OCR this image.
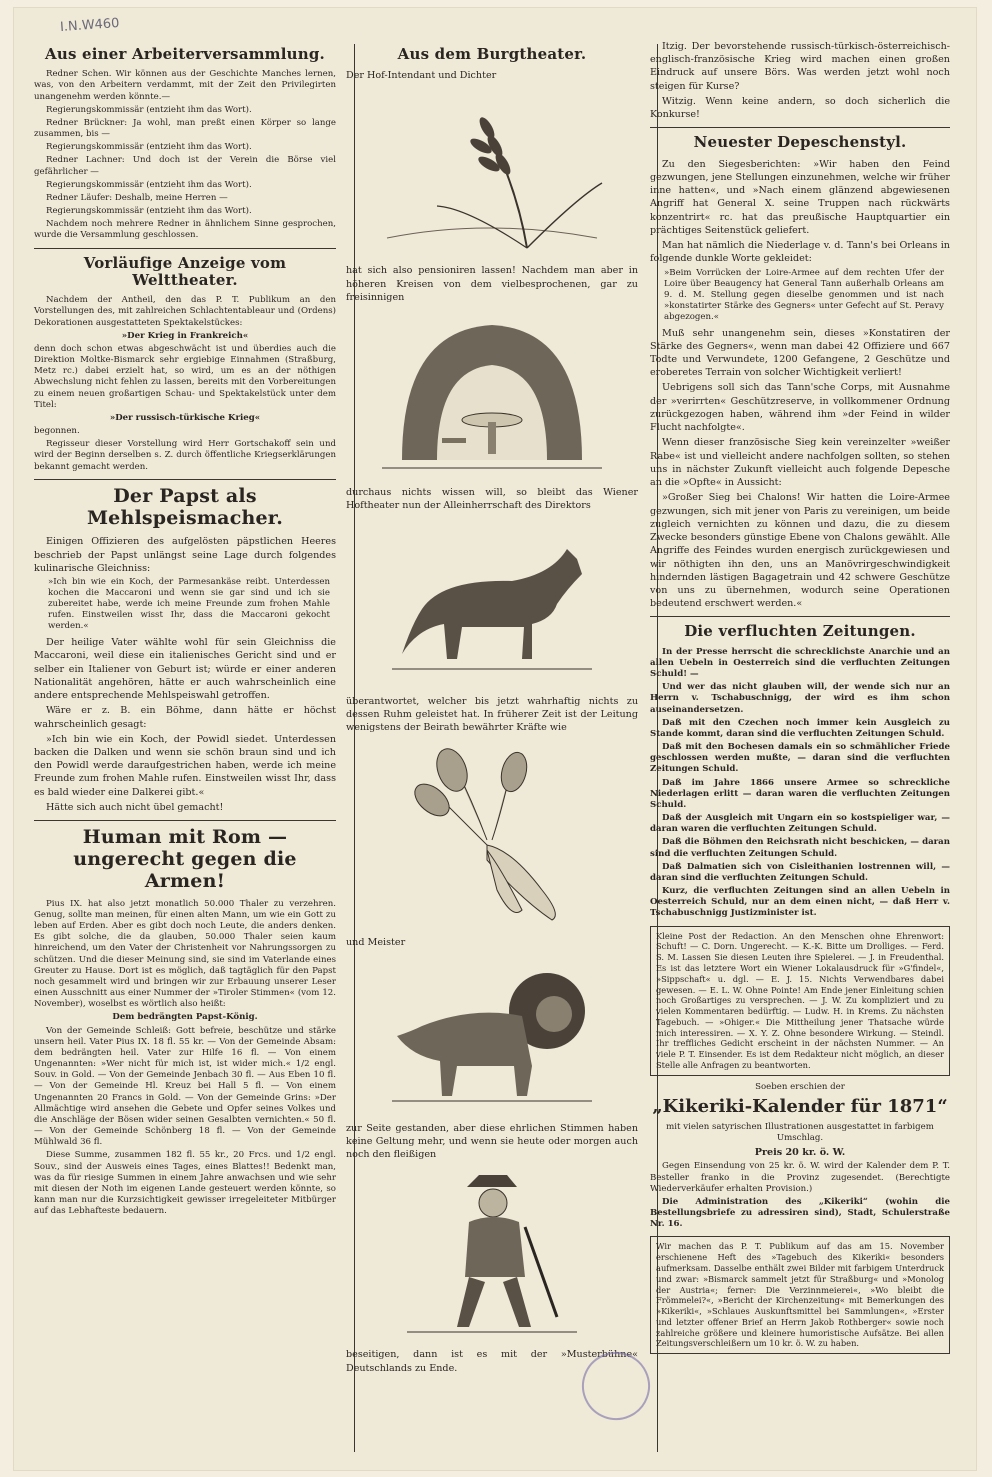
I.N.W460
Aus einer Arbeiterversammlung.

Redner Schen. Wir können aus der Geschichte Manches lernen, was, von den Arbeitern verdammt, mit der Zeit den Privilegirten unangenehm werden könnte.—

Regierungskommissär (entzieht ihm das Wort).

Redner Brückner: Ja wohl, man preßt einen Körper so lange zusammen, bis —

Regierungskommissär (entzieht ihm das Wort).

Redner Lachner: Und doch ist der Verein die Börse viel gefährlicher —

Regierungskommissär (entzieht ihm das Wort).

Redner Läufer: Deshalb, meine Herren —

Regierungskommissär (entzieht ihm das Wort).

Nachdem noch mehrere Redner in ähnlichem Sinne gesprochen, wurde die Versammlung geschlossen.

Vorläufige Anzeige vom Welttheater.

Nachdem der Antheil, den das P. T. Publikum an den Vorstellungen des, mit zahlreichen Schlachtentableaur und (Ordens) Dekorationen ausgestatteten Spektakelstückes:

»Der Krieg in Frankreich«

denn doch schon etwas abgeschwächt ist und überdies auch die Direktion Moltke-Bismarck sehr ergiebige Einnahmen (Straßburg, Metz rc.) dabei erzielt hat, so wird, um es an der nöthigen Abwechslung nicht fehlen zu lassen, bereits mit den Vorbereitungen zu einem neuen großartigen Schau- und Spektakelstück unter dem Titel:

»Der russisch-türkische Krieg«

begonnen.

Regisseur dieser Vorstellung wird Herr Gortschakoff sein und wird der Beginn derselben s. Z. durch öffentliche Kriegserklärungen bekannt gemacht werden.

Der Papst als Mehlspeismacher.

Einigen Offizieren des aufgelösten päpstlichen Heeres beschrieb der Papst unlängst seine Lage durch folgendes kulinarische Gleichniss:

»Ich bin wie ein Koch, der Parmesankäse reibt. Unterdessen kochen die Maccaroni und wenn sie gar sind und ich sie zubereitet habe, werde ich meine Freunde zum frohen Mahle rufen. Einstweilen wisst Ihr, dass die Maccaroni gekocht werden.«

Der heilige Vater wählte wohl für sein Gleichniss die Maccaroni, weil diese ein italienisches Gericht sind und er selber ein Italiener von Geburt ist; würde er einer anderen Nationalität angehören, hätte er auch wahrscheinlich eine andere entsprechende Mehlspeiswahl getroffen.

Wäre er z. B. ein Böhme, dann hätte er höchst wahrscheinlich gesagt:

»Ich bin wie ein Koch, der Powidl siedet. Unterdessen backen die Dalken und wenn sie schön braun sind und ich den Powidl werde daraufgestrichen haben, werde ich meine Freunde zum frohen Mahle rufen. Einstweilen wisst Ihr, dass es bald wieder eine Dalkerei gibt.«

Hätte sich auch nicht übel gemacht!

Human mit Rom — ungerecht gegen die Armen!

Pius IX. hat also jetzt monatlich 50.000 Thaler zu verzehren. Genug, sollte man meinen, für einen alten Mann, um wie ein Gott zu leben auf Erden. Aber es gibt doch noch Leute, die anders denken. Es gibt solche, die da glauben, 50.000 Thaler seien kaum hinreichend, um den Vater der Christenheit vor Nahrungssorgen zu schützen. Und die dieser Meinung sind, sie sind im Vaterlande eines Greuter zu Hause. Dort ist es möglich, daß tagtäglich für den Papst noch gesammelt wird und bringen wir zur Erbauung unserer Leser einen Ausschnitt aus einer Nummer der »Tiroler Stimmen« (vom 12. November), woselbst es wörtlich also heißt:

Dem bedrängten Papst-König.

Von der Gemeinde Schleiß: Gott befreie, beschütze und stärke unsern heil. Vater Pius IX. 18 fl. 55 kr. — Von der Gemeinde Absam: dem bedrängten heil. Vater zur Hilfe 16 fl. — Von einem Ungenannten: »Wer nicht für mich ist, ist wider mich.« 1/2 engl. Souv. in Gold. — Von der Gemeinde Jenbach 30 fl. — Aus Eben 10 fl. — Von der Gemeinde Hl. Kreuz bei Hall 5 fl. — Von einem Ungenannten 20 Francs in Gold. — Von der Gemeinde Grins: »Der Allmächtige wird ansehen die Gebete und Opfer seines Volkes und die Anschläge der Bösen wider seinen Gesalbten vernichten.« 50 fl. — Von der Gemeinde Schönberg 18 fl. — Von der Gemeinde Mühlwald 36 fl.

Diese Summe, zusammen 182 fl. 55 kr., 20 Frcs. und 1/2 engl. Souv., sind der Ausweis eines Tages, eines Blattes!! Bedenkt man, was da für riesige Summen in einem Jahre anwachsen und wie sehr mit diesen der Noth im eigenen Lande gesteuert werden könnte, so kann man nur die Kurzsichtigkeit gewisser irregeleiteter Mitbürger auf das Lebhafteste bedauern.

Aus dem Burgtheater.

Der Hof-Intendant und Dichter

hat sich also pensioniren lassen! Nachdem man aber in höheren Kreisen von dem vielbesprochenen, gar zu freisinnigen

durchaus nichts wissen will, so bleibt das Wiener Hoftheater nun der Alleinherrschaft des Direktors

überantwortet, welcher bis jetzt wahrhaftig nichts zu dessen Ruhm geleistet hat. In früherer Zeit ist der Leitung wenigstens der Beirath bewährter Kräfte wie

und Meister

zur Seite gestanden, aber diese ehrlichen Stimmen haben keine Geltung mehr, und wenn sie heute oder morgen auch noch den fleißigen

beseitigen, dann ist es mit der »Musterbühne« Deutschlands zu Ende.

Itzig. Der bevorstehende russisch-türkisch-österreichisch-englisch-französische Krieg wird machen einen großen Eindruck auf unsere Börs. Was werden jetzt wohl noch steigen für Kurse?

Witzig. Wenn keine andern, so doch sicherlich die Konkurse!

Neuester Depeschenstyl.

Zu den Siegesberichten: »Wir haben den Feind gezwungen, jene Stellungen einzunehmen, welche wir früher inne hatten«, und »Nach einem glänzend abgewiesenen Angriff hat General X. seine Truppen nach rückwärts konzentrirt« rc. hat das preußische Hauptquartier ein prächtiges Seitenstück geliefert.

Man hat nämlich die Niederlage v. d. Tann's bei Orleans in folgende dunkle Worte gekleidet:

»Beim Vorrücken der Loire-Armee auf dem rechten Ufer der Loire über Beaugency hat General Tann außerhalb Orleans am 9. d. M. Stellung gegen dieselbe genommen und ist nach »konstatirter Stärke des Gegners« unter Gefecht auf St. Peravy abgezogen.«

Muß sehr unangenehm sein, dieses »Konstatiren der Stärke des Gegners«, wenn man dabei 42 Offiziere und 667 Todte und Verwundete, 1200 Gefangene, 2 Geschütze und eroberetes Terrain von solcher Wichtigkeit verliert!

Uebrigens soll sich das Tann'sche Corps, mit Ausnahme der »verirrten« Geschützreserve, in vollkommener Ordnung zurückgezogen haben, während ihm »der Feind in wilder Flucht nachfolgte«.

Wenn dieser französische Sieg kein vereinzelter »weißer Rabe« ist und vielleicht andere nachfolgen sollten, so stehen uns in nächster Zukunft vielleicht auch folgende Depesche an die »Opfte« in Aussicht:

»Großer Sieg bei Chalons! Wir hatten die Loire-Armee gezwungen, sich mit jener von Paris zu vereinigen, um beide zugleich vernichten zu können und dazu, die zu diesem Zwecke besonders günstige Ebene von Chalons gewählt. Alle Angriffe des Feindes wurden energisch zurückgewiesen und wir nöthigten ihn den, uns an Manövrirgeschwindigkeit hindernden lästigen Bagagetrain und 42 schwere Geschütze von uns zu übernehmen, wodurch seine Operationen bedeutend erschwert werden.«

Die verfluchten Zeitungen.

In der Presse herrscht die schrecklichste Anarchie und an allen Uebeln in Oesterreich sind die verfluchten Zeitungen Schuld! —

Und wer das nicht glauben will, der wende sich nur an Herrn v. Tschabuschnigg, der wird es ihm schon auseinandersetzen.

Daß mit den Czechen noch immer kein Ausgleich zu Stande kommt, daran sind die verfluchten Zeitungen Schuld.

Daß mit den Bochesen damals ein so schmählicher Friede geschlossen werden mußte, — daran sind die verfluchten Zeitungen Schuld.

Daß im Jahre 1866 unsere Armee so schreckliche Niederlagen erlitt — daran waren die verfluchten Zeitungen Schuld.

Daß der Ausgleich mit Ungarn ein so kostspieliger war, — daran waren die verfluchten Zeitungen Schuld.

Daß die Böhmen den Reichsrath nicht beschicken, — daran sind die verfluchten Zeitungen Schuld.

Daß Dalmatien sich von Cisleithanien lostrennen will, — daran sind die verfluchten Zeitungen Schuld.

Kurz, die verfluchten Zeitungen sind an allen Uebeln in Oesterreich Schuld, nur an dem einen nicht, — daß Herr v. Tschabuschnigg Justizminister ist.

Kleine Post der Redaction. An den Menschen ohne Ehrenwort: Schuft! — C. Dorn. Ungerecht. — K.-K. Bitte um Drolliges. — Ferd. S. M. Lassen Sie diesen Leuten ihre Spielerei. — J. in Freudenthal. Es ist das letztere Wort ein Wiener Lokalausdruck für »G'findel«, »Sippschaft« u. dgl. — E. J. 15. Nichts Verwendbares dabei gewesen. — E. L. W. Ohne Pointe! Am Ende jener Einleitung schien noch Großartiges zu versprechen. — J. W. Zu kompliziert und zu vielen Kommentaren bedürftig. — Ludw. H. in Krems. Zu nächsten Tagebuch. — »Ohiger.« Die Mittheilung jener Thatsache würde mich interessiren. — X. Y. Z. Ohne besondere Wirkung. — Steindl. Ihr treffliches Gedicht erscheint in der nächsten Nummer. — An viele P. T. Einsender. Es ist dem Redakteur nicht möglich, an dieser Stelle alle Anfragen zu beantworten.

Soeben erschien der

„Kikeriki-Kalender für 1871“

mit vielen satyrischen Illustrationen ausgestattet in farbigem Umschlag.

Preis 20 kr. ö. W.

Gegen Einsendung von 25 kr. ö. W. wird der Kalender dem P. T. Besteller franko in die Provinz zugesendet. (Berechtigte Wiederverkäufer erhalten Provision.)

Die Administration des „Kikeriki“ (wohin die Bestellungsbriefe zu adressiren sind), Stadt, Schulerstraße Nr. 16.

Wir machen das P. T. Publikum auf das am 15. November erschienene Heft des »Tagebuch des Kikeriki« besonders aufmerksam. Dasselbe enthält zwei Bilder mit farbigem Unterdruck und zwar: »Bismarck sammelt jetzt für Straßburg« und »Monolog der Austria«; ferner: Die Verzinnmeierei«, »Wo bleibt die Frömmelei?«, »Bericht der Kirchenzeitung« mit Bemerkungen des »Kikeriki«, »Schlaues Auskunftsmittel bei Sammlungen«, »Erster und letzter offener Brief an Herrn Jakob Rothberger« sowie noch zahlreiche größere und kleinere humoristische Aufsätze. Bei allen Zeitungsverschleißern um 10 kr. ö. W. zu haben.
